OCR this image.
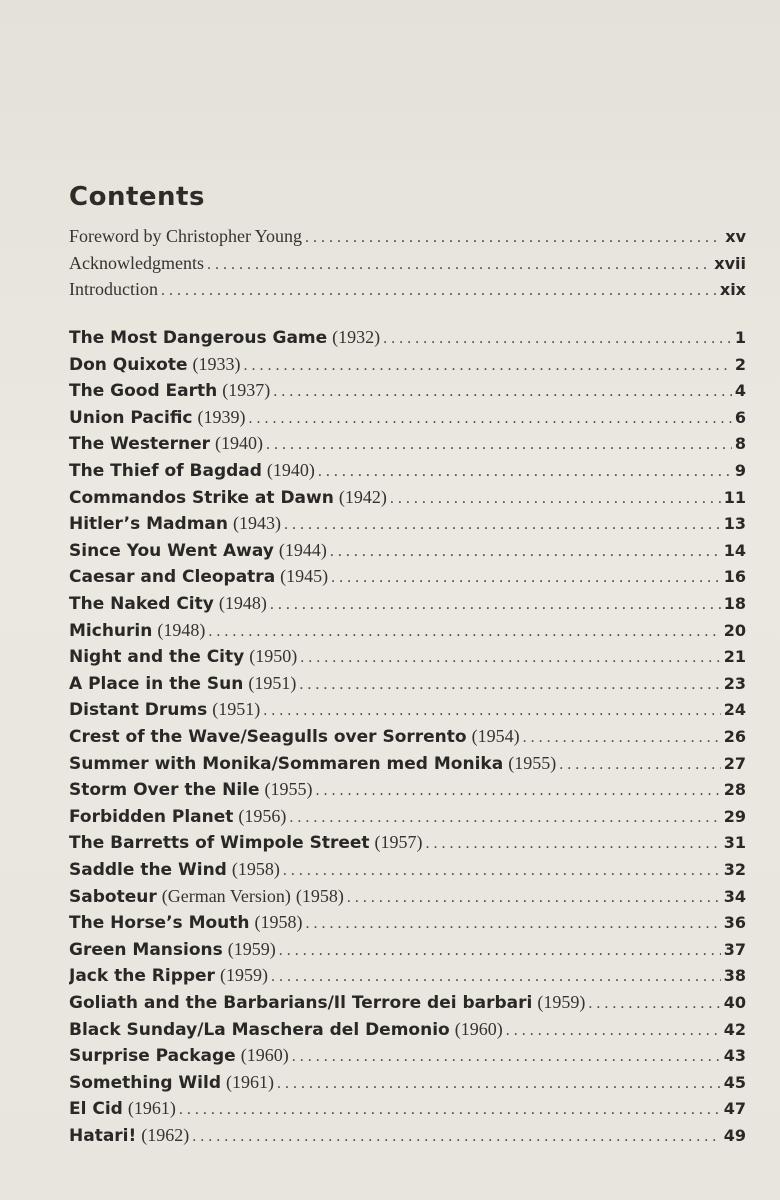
Contents
Foreword by Christopher Young . . .	xv
Acknowledgments . . .	xvii
Introduction . . .	xix
The Most Dangerous Game (1932) . . .	1
Don Quixote (1933) . . .	2
The Good Earth (1937) . . .	4
Union Pacific (1939) . . .	6
The Westerner (1940) . . .	8
The Thief of Bagdad (1940) . . .	9
Commandos Strike at Dawn (1942) . . .	11
Hitler’s Madman (1943) . . .	13
Since You Went Away (1944) . . .	14
Caesar and Cleopatra (1945) . . .	16
The Naked City (1948) . . .	18
Michurin (1948) . . .	20
Night and the City (1950) . . .	21
A Place in the Sun (1951) . . .	23
Distant Drums (1951) . . .	24
Crest of the Wave/Seagulls over Sorrento (1954) . . .	26
Summer with Monika/Sommaren med Monika (1955) . . .	27
Storm Over the Nile (1955) . . .	28
Forbidden Planet (1956) . . .	29
The Barretts of Wimpole Street (1957) . . .	31
Saddle the Wind (1958) . . .	32
Saboteur (German Version) (1958) . . .	34
The Horse’s Mouth (1958) . . .	36
Green Mansions (1959) . . .	37
Jack the Ripper (1959) . . .	38
Goliath and the Barbarians/Il Terrore dei barbari (1959) . . .	40
Black Sunday/La Maschera del Demonio (1960) . . .	42
Surprise Package (1960) . . .	43
Something Wild (1961) . . .	45
El Cid (1961) . . .	47
Hatari! (1962) . . .	49
